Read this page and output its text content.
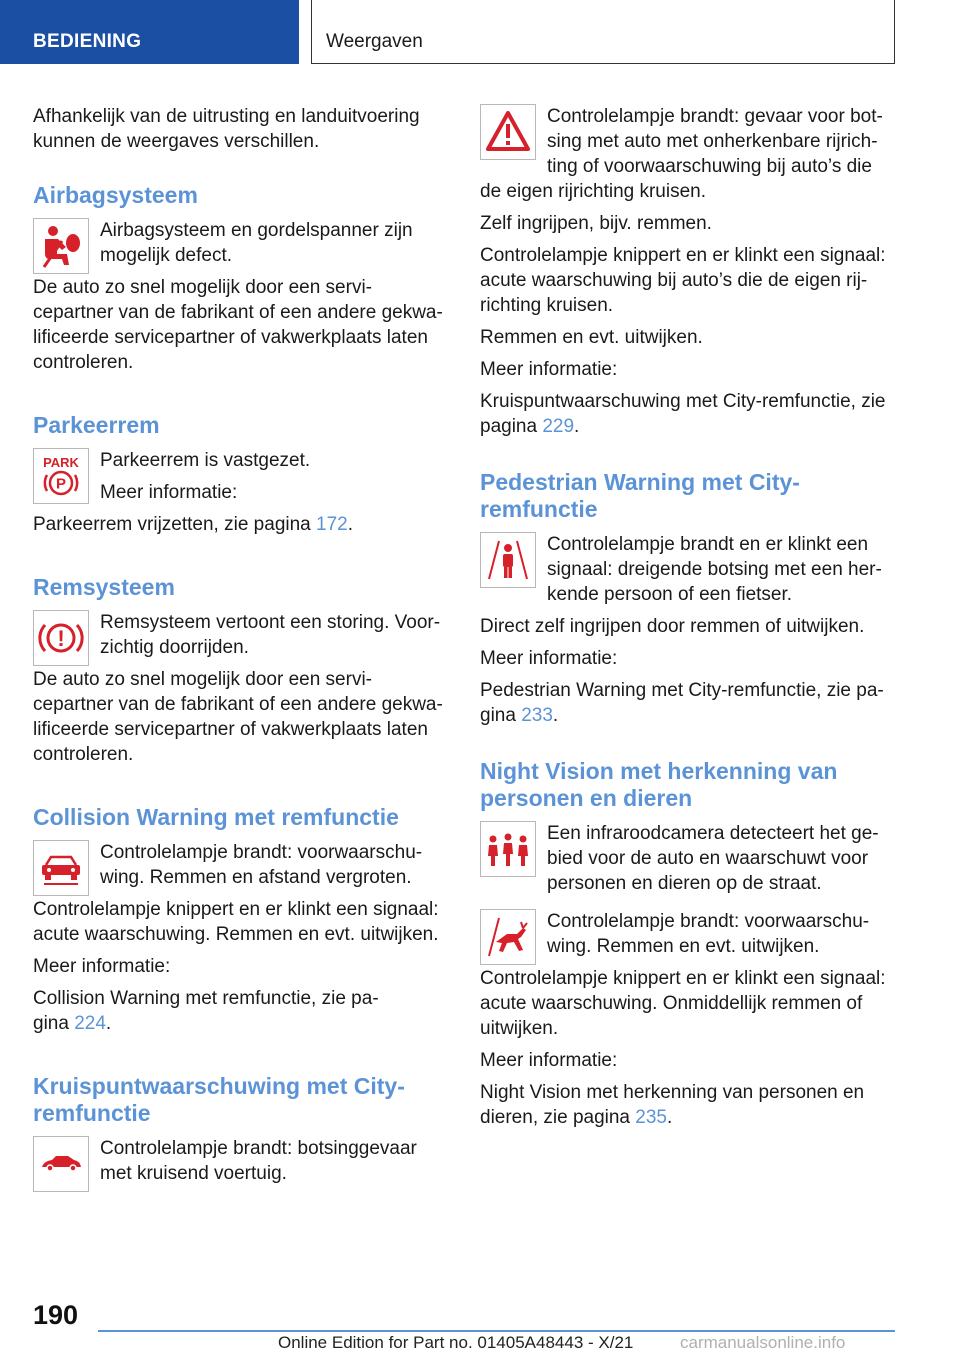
BEDIENING	Weergaven

Afhankelijk van de uitrusting en landuitvoering kunnen de weergaves verschillen.

Airbagsysteem

Airbagsysteem en gordelspanner zijn mogelijk defect.

De auto zo snel mogelijk door een servi-cepartner van de fabrikant of een andere gekwa-lificeerde servicepartner of vakwerkplaats laten controleren.

Parkeerrem
PARK
P

Parkeerrem is vastgezet.

Meer informatie:

Parkeerrem vrijzetten, zie pagina 172.

Remsysteem
!

Remsysteem vertoont een storing. Voor-zichtig doorrijden.

De auto zo snel mogelijk door een servi-cepartner van de fabrikant of een andere gekwa-lificeerde servicepartner of vakwerkplaats laten controleren.

Collision Warning met remfunctie

Controlelampje brandt: voorwaarschu-wing. Remmen en afstand vergroten.

Controlelampje knippert en er klinkt een signaal: acute waarschuwing. Remmen en evt. uitwijken.

Meer informatie:

Collision Warning met remfunctie, zie pa-
gina 224.

Kruispuntwaarschuwing met City-
remfunctie

Controlelampje brandt: botsinggevaar met kruisend voertuig.

Controlelampje brandt: gevaar voor bot-sing met auto met onherkenbare rijrich-ting of voorwaarschuwing bij auto’s die de eigen rijrichting kruisen.

Zelf ingrijpen, bijv. remmen.

Controlelampje knippert en er klinkt een signaal: acute waarschuwing bij auto’s die de eigen rij-richting kruisen.

Remmen en evt. uitwijken.

Meer informatie:

Kruispuntwaarschuwing met City-remfunctie, zie pagina 229.

Pedestrian Warning met City-
remfunctie

Controlelampje brandt en er klinkt een signaal: dreigende botsing met een her-kende persoon of een fietser.

Direct zelf ingrijpen door remmen of uitwijken.

Meer informatie:

Pedestrian Warning met City-remfunctie, zie pa-gina 233.

Night Vision met herkenning van
personen en dieren

Een infraroodcamera detecteert het ge-bied voor de auto en waarschuwt voor personen en dieren op de straat.

Controlelampje brandt: voorwaarschu-wing. Remmen en evt. uitwijken.

Controlelampje knippert en er klinkt een signaal: acute waarschuwing. Onmiddellijk remmen of uitwijken.

Meer informatie:

Night Vision met herkenning van personen en dieren, zie pagina 235.

190
Online Edition for Part no. 01405A48443 - X/21	carmanualsonline.info
